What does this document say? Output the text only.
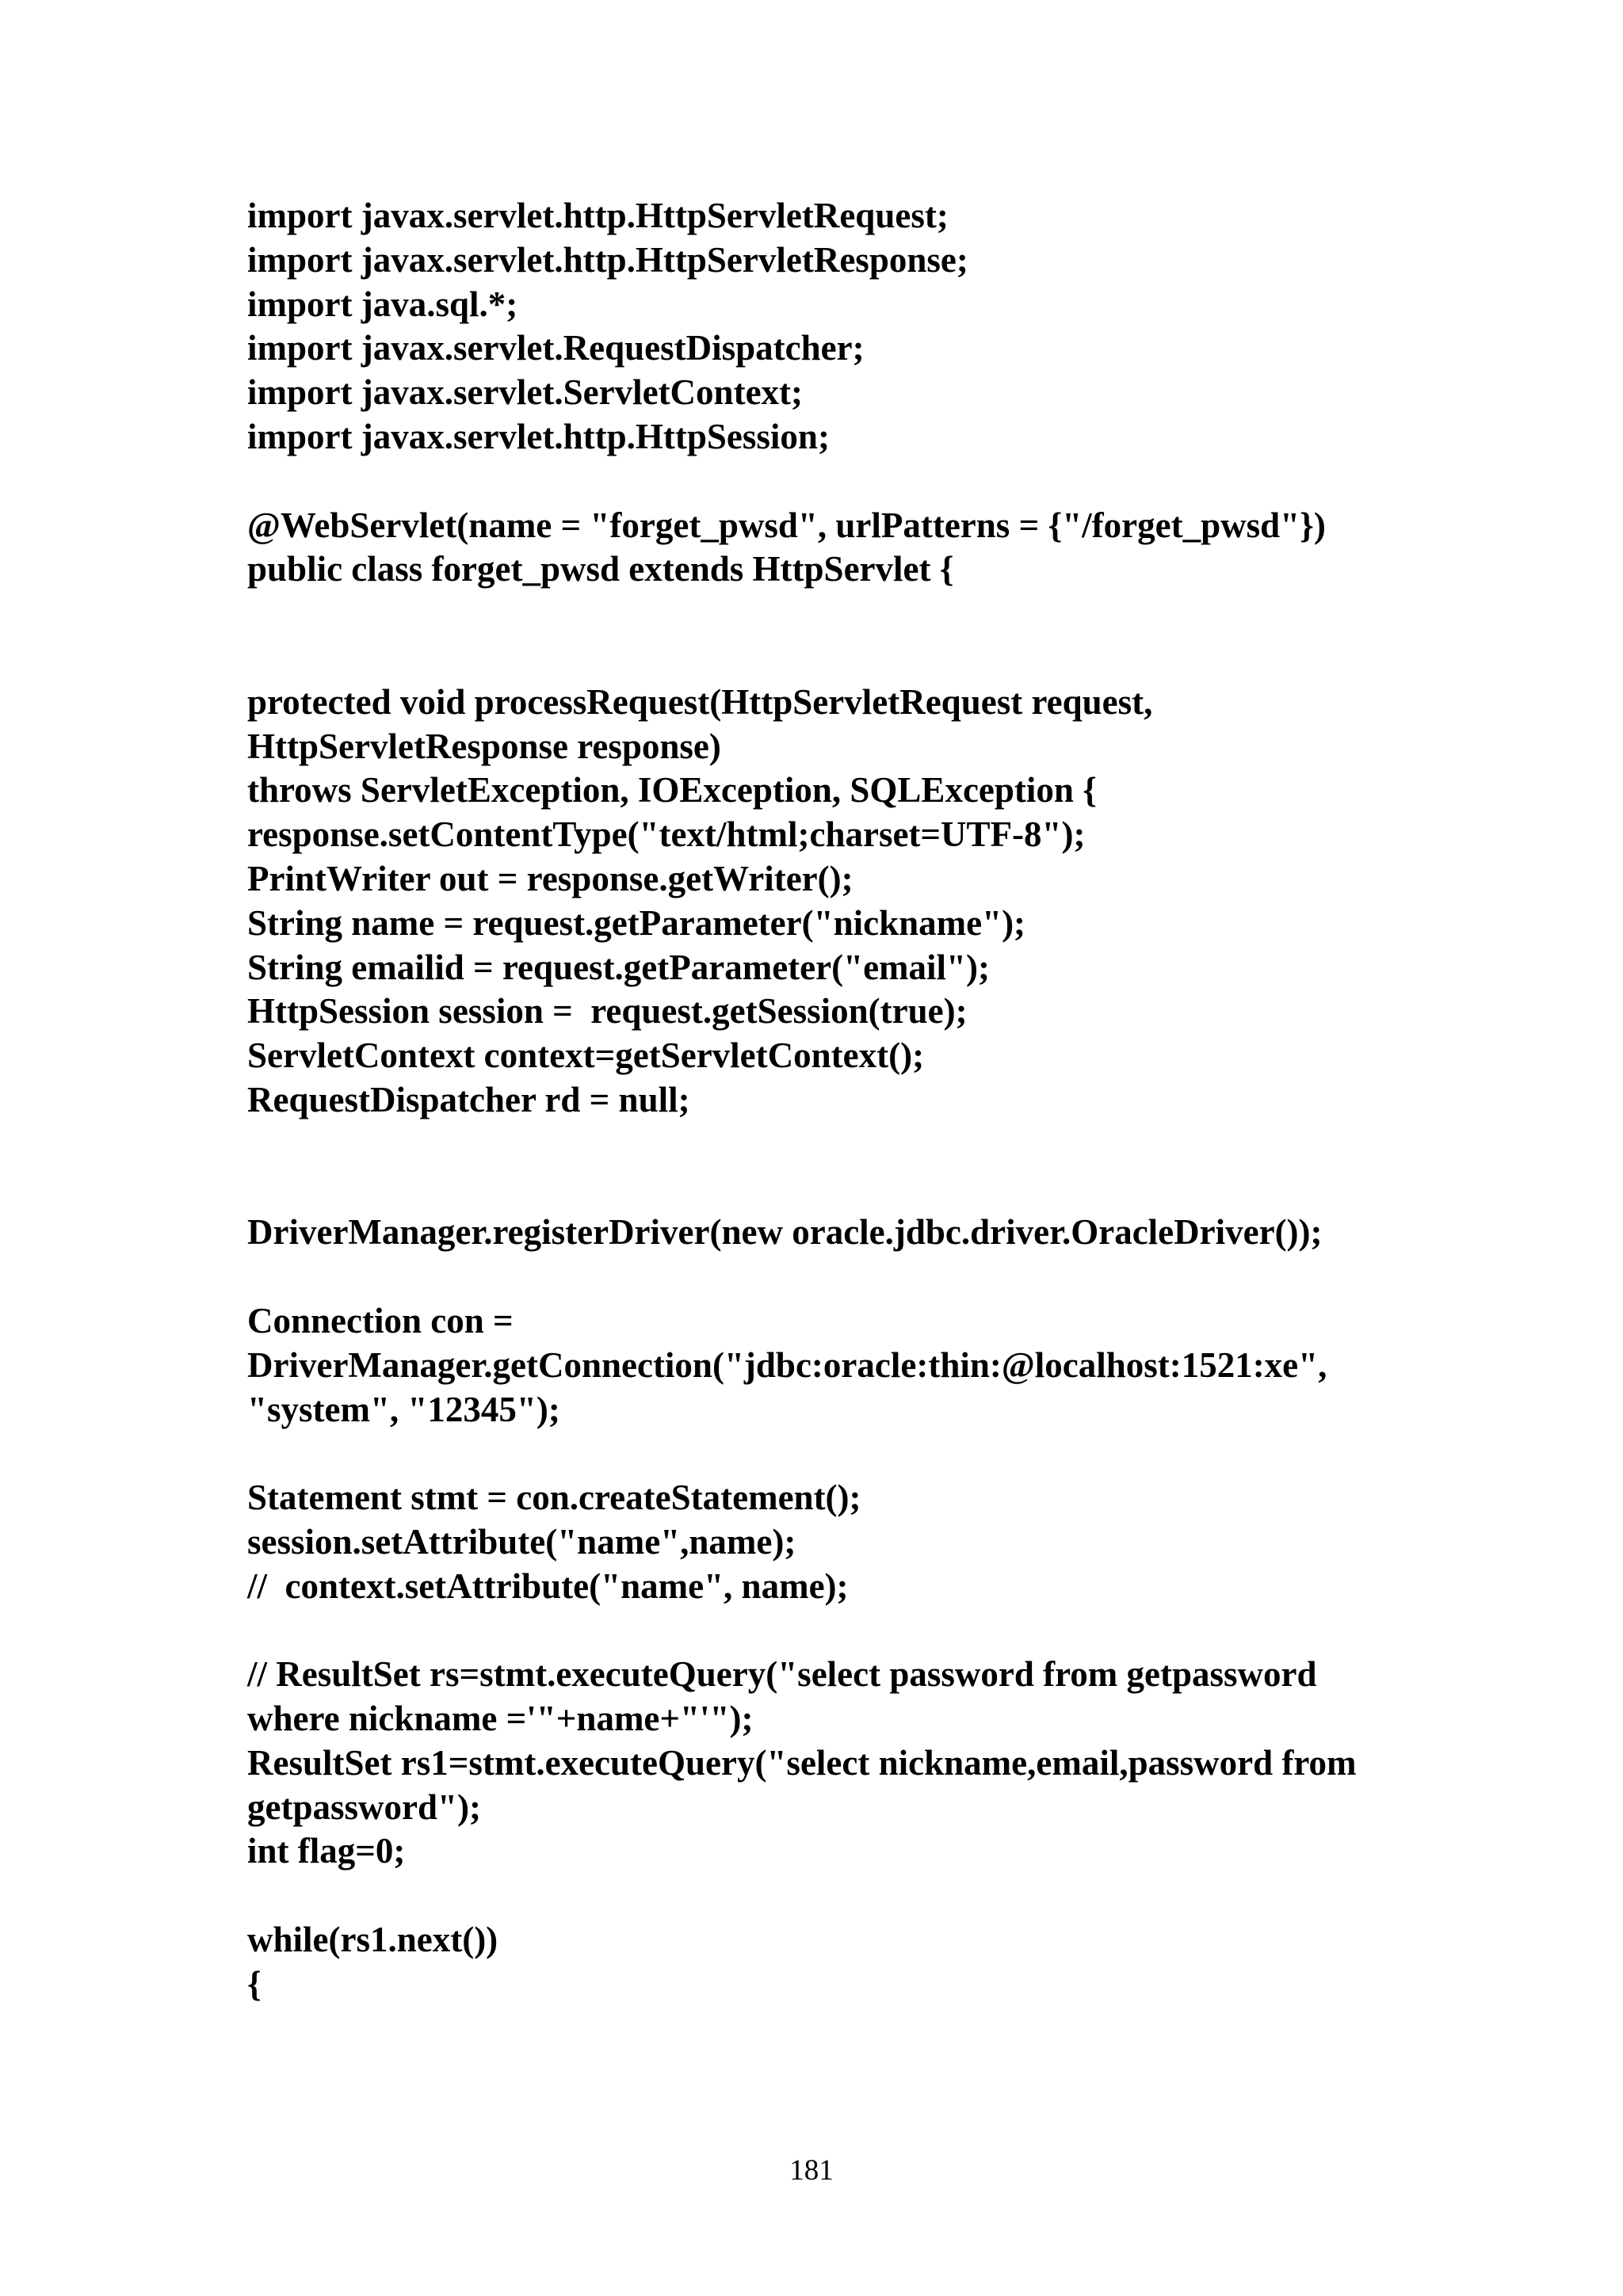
import javax.servlet.http.HttpServletRequest;
import javax.servlet.http.HttpServletResponse;
import java.sql.*;
import javax.servlet.RequestDispatcher;
import javax.servlet.ServletContext;
import javax.servlet.http.HttpSession;
@WebServlet(name = "forget_pwsd", urlPatterns = {"/forget_pwsd"})
public class forget_pwsd extends HttpServlet {
protected void processRequest(HttpServletRequest request,
HttpServletResponse response)
throws ServletException, IOException, SQLException {
response.setContentType("text/html;charset=UTF-8");
PrintWriter out = response.getWriter();
String name = request.getParameter("nickname");
String emailid = request.getParameter("email");
HttpSession session =  request.getSession(true);
ServletContext context=getServletContext();
RequestDispatcher rd = null;
DriverManager.registerDriver(new oracle.jdbc.driver.OracleDriver());
Connection con =
DriverManager.getConnection("jdbc:oracle:thin:@localhost:1521:xe",
"system", "12345");
Statement stmt = con.createStatement();
session.setAttribute("name",name);
//  context.setAttribute("name", name);
// ResultSet rs=stmt.executeQuery("select password from getpassword
where nickname ='"+name+"'");
ResultSet rs1=stmt.executeQuery("select nickname,email,password from
getpassword");
int flag=0;
while(rs1.next())
{
181
